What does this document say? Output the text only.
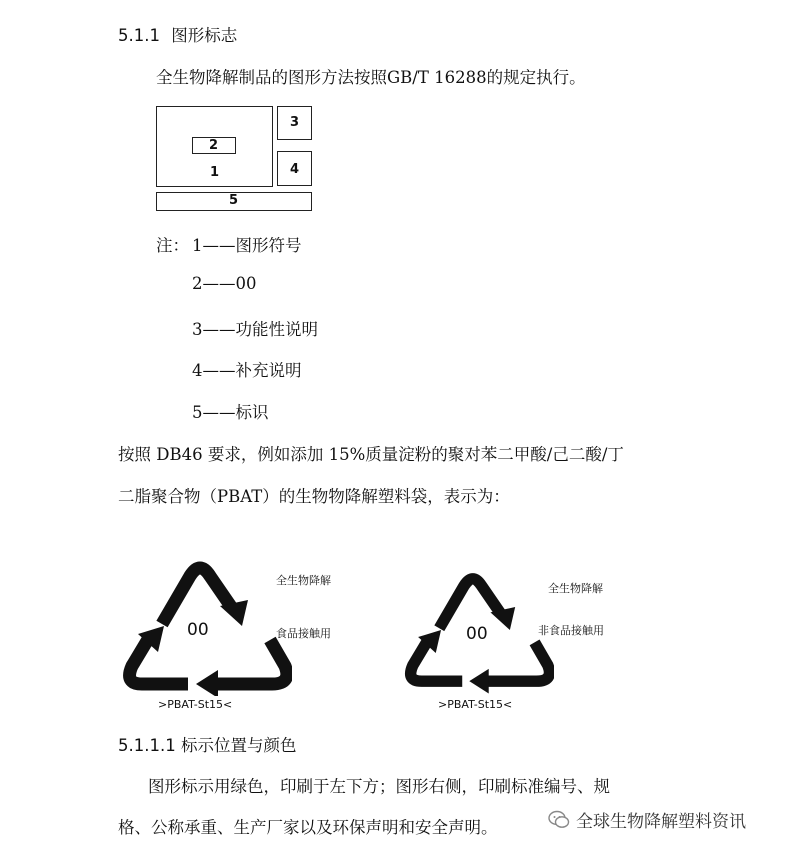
5.1.1 图形标志
全生物降解制品的图形方法按照GB/T 16288的规定执行。
1
2
3
4
5
注： 1——图形符号
2——00
3——功能性说明
4——补充说明
5——标识
按照 DB46 要求，例如添加 15%质量淀粉的聚对苯二甲酸/己二酸/丁
二脂聚合物（PBAT）的生物物降解塑料袋，表示为：
00
全生物降解
食品接触用
>PBAT-St15<
00
全生物降解
非食品接触用
>PBAT-St15<
5.1.1.1 标示位置与颜色
图形标示用绿色，印刷于左下方；图形右侧，印刷标准编号、规
格、公称承重、生产厂家以及环保声明和安全声明。	全球生物降解塑料资讯
